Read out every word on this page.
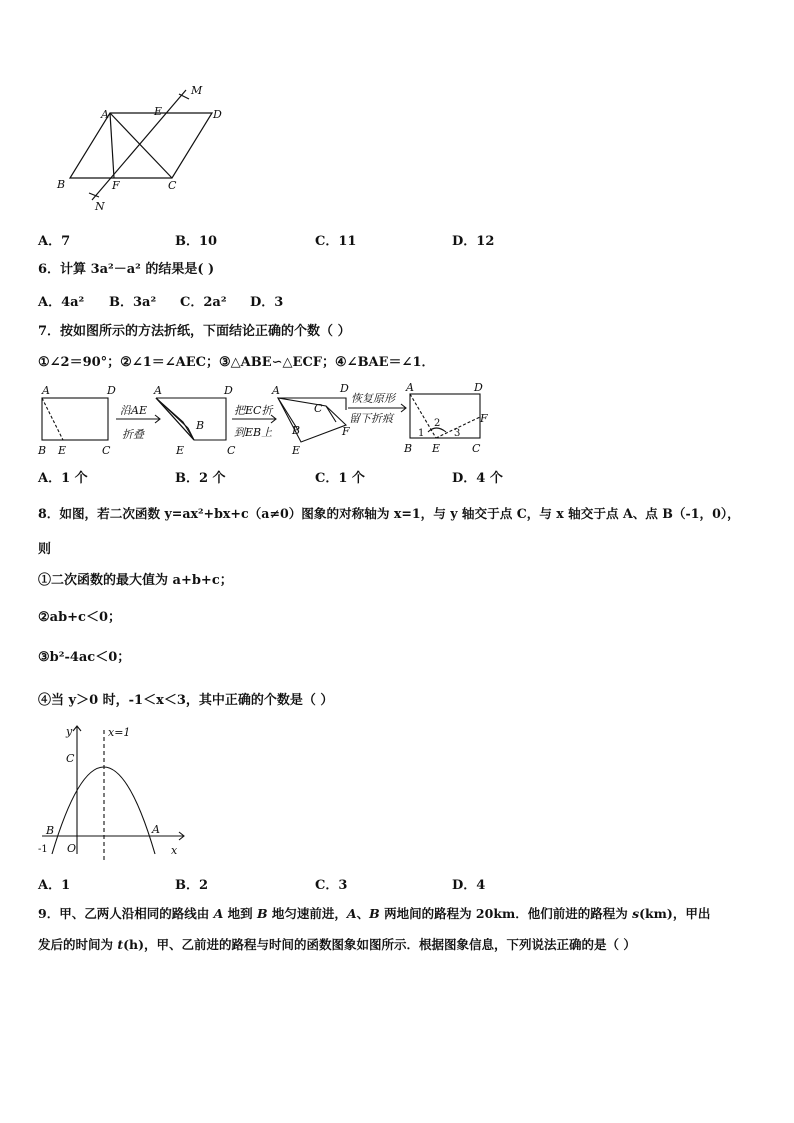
A	E
M
D
B	F	C
N
A．7	B．10	C．11	D．12
6．计算 3a²－a² 的结果是( )
A．4a² B．3a² C．2a² D．3
7．按如图所示的方法折纸，下面结论正确的个数（ ）
①∠2＝90°；②∠1＝∠AEC；③△ABE∽△ECF；④∠BAE＝∠1．
A	D
B E	C
沿AE
折叠
A	D
B
E	C
把EC折
到EB上
A	D
C
B	F
E
恢复原形
留下折痕
A	D
F
1
2
3
B E	C
A．1 个	B．2 个	C．1 个	D．4 个
8．如图，若二次函数 y=ax²+bx+c（a≠0）图象的对称轴为 x=1，与 y 轴交于点 C，与 x 轴交于点 A、点 B（-1，0），
则
①二次函数的最大值为 a+b+c；
②ab+c＜0；
③b²-4ac＜0；
④当 y＞0 时，-1＜x＜3，其中正确的个数是（ ）
y	x=1
C
B	A
-1 O	x
A．1	B．2	C．3	D．4
9．甲、乙两人沿相同的路线由 A 地到 B 地匀速前进，A、B 两地间的路程为 20km．他们前进的路程为 s(km)，甲出
发后的时间为 t(h)，甲、乙前进的路程与时间的函数图象如图所示．根据图象信息，下列说法正确的是（ ）
